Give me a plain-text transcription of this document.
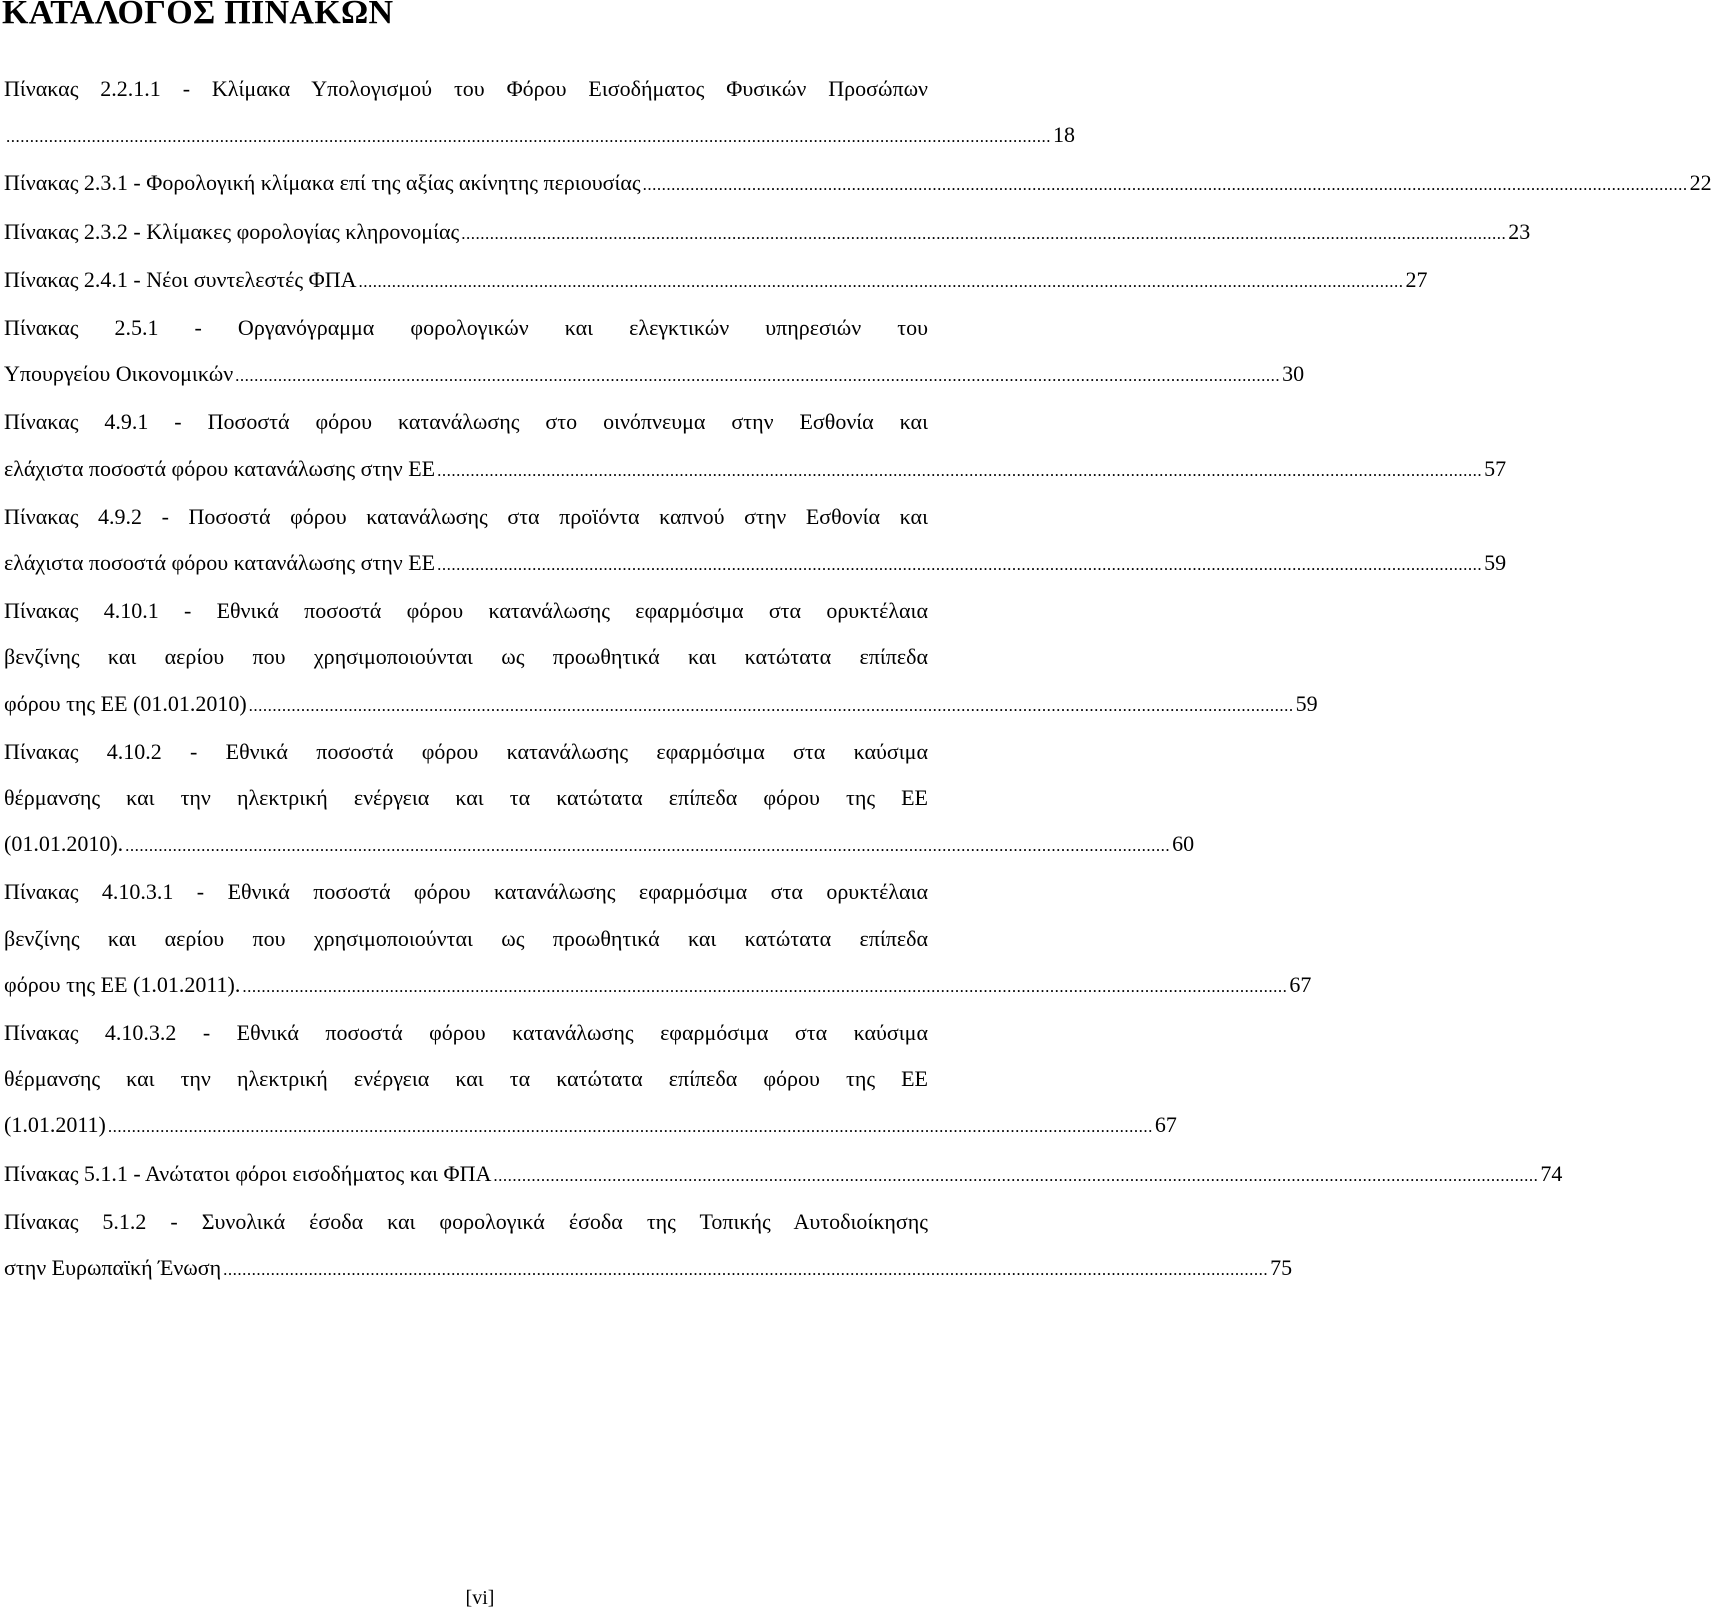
ΚΑΤΑΛΟΓΟΣ ΠΙΝΑΚΩΝ
Πίνακας 2.2.1.1 - Κλίμακα Υπολογισμού του Φόρου Εισοδήματος Φυσικών Προσώπων
............................................................................................................................................................................................................................ 18
Πίνακας 2.3.1 - Φορολογική κλίμακα επί της αξίας ακίνητης περιουσίας ............................................................................................................................................................................................................................ 22
Πίνακας 2.3.2 - Κλίμακες φορολογίας κληρονομίας ............................................................................................................................................................................................................................ 23
Πίνακας 2.4.1 - Νέοι συντελεστές ΦΠΑ ............................................................................................................................................................................................................................ 27
Πίνακας 2.5.1 - Οργανόγραμμα φορολογικών και ελεγκτικών υπηρεσιών του
Υπουργείου Οικονομικών ............................................................................................................................................................................................................................ 30
Πίνακας 4.9.1 - Ποσοστά φόρου κατανάλωσης στο οινόπνευμα στην Εσθονία και
ελάχιστα ποσοστά φόρου κατανάλωσης στην ΕΕ ............................................................................................................................................................................................................................ 57
Πίνακας 4.9.2 - Ποσοστά φόρου κατανάλωσης στα προϊόντα καπνού στην Εσθονία και
ελάχιστα ποσοστά φόρου κατανάλωσης στην ΕΕ ............................................................................................................................................................................................................................ 59
Πίνακας 4.10.1 - Εθνικά ποσοστά φόρου κατανάλωσης εφαρμόσιμα στα ορυκτέλαια
βενζίνης και αερίου που χρησιμοποιούνται ως προωθητικά και κατώτατα επίπεδα
φόρου της ΕΕ (01.01.2010) ............................................................................................................................................................................................................................ 59
Πίνακας 4.10.2 - Εθνικά ποσοστά φόρου κατανάλωσης εφαρμόσιμα στα καύσιμα
θέρμανσης και την ηλεκτρική ενέργεια και τα κατώτατα επίπεδα φόρου της ΕΕ
(01.01.2010). ............................................................................................................................................................................................................................ 60
Πίνακας 4.10.3.1 - Εθνικά ποσοστά φόρου κατανάλωσης εφαρμόσιμα στα ορυκτέλαια
βενζίνης και αερίου που χρησιμοποιούνται ως προωθητικά και κατώτατα επίπεδα
φόρου της ΕΕ (1.01.2011). ............................................................................................................................................................................................................................ 67
Πίνακας 4.10.3.2 - Εθνικά ποσοστά φόρου κατανάλωσης εφαρμόσιμα στα καύσιμα
θέρμανσης και την ηλεκτρική ενέργεια και τα κατώτατα επίπεδα φόρου της ΕΕ
(1.01.2011) ............................................................................................................................................................................................................................ 67
Πίνακας 5.1.1 - Ανώτατοι φόροι εισοδήματος και ΦΠΑ ............................................................................................................................................................................................................................ 74
Πίνακας 5.1.2 - Συνολικά έσοδα και φορολογικά έσοδα της Τοπικής Αυτοδιοίκησης
στην Ευρωπαϊκή Ένωση ............................................................................................................................................................................................................................ 75
[vi]
